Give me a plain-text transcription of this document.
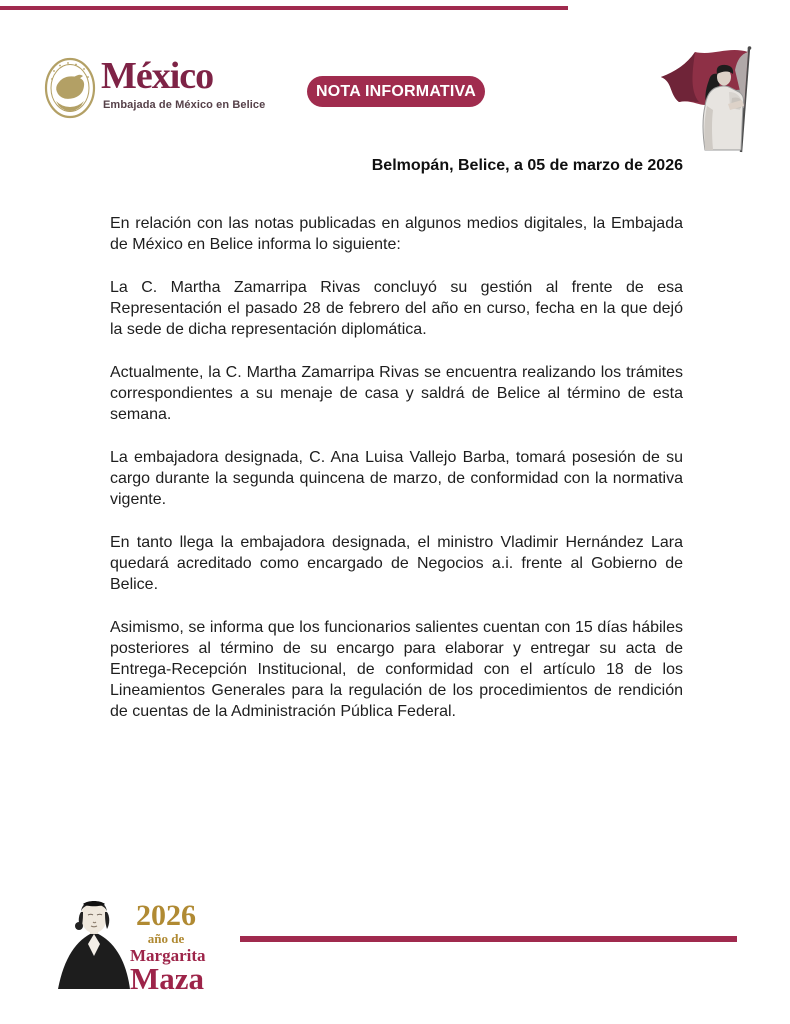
México
Embajada de México en Belice
NOTA INFORMATIVA
Belmopán, Belice, a 05 de marzo de 2026

En relación con las notas publicadas en algunos medios digitales, la Embajada de México en Belice informa lo siguiente:

La C. Martha Zamarripa Rivas concluyó su gestión al frente de esa Representación el pasado 28 de febrero del año en curso, fecha en la que dejó la sede de dicha representación diplomática.

Actualmente, la C. Martha Zamarripa Rivas se encuentra realizando los trámites correspondientes a su menaje de casa y saldrá de Belice al término de esta semana.

La embajadora designada, C. Ana Luisa Vallejo Barba, tomará posesión de su cargo durante la segunda quincena de marzo, de conformidad con la normativa vigente.

En tanto llega la embajadora designada, el ministro Vladimir Hernández Lara quedará acreditado como encargado de Negocios a.i. frente al Gobierno de Belice.

Asimismo, se informa que los funcionarios salientes cuentan con 15 días hábiles posteriores al término de su encargo para elaborar y entregar su acta de Entrega-Recepción Institucional, de conformidad con el artículo 18 de los Lineamientos Generales para la regulación de los procedimientos de rendición de cuentas de la Administración Pública Federal.

2026
año de
Margarita
Maza
